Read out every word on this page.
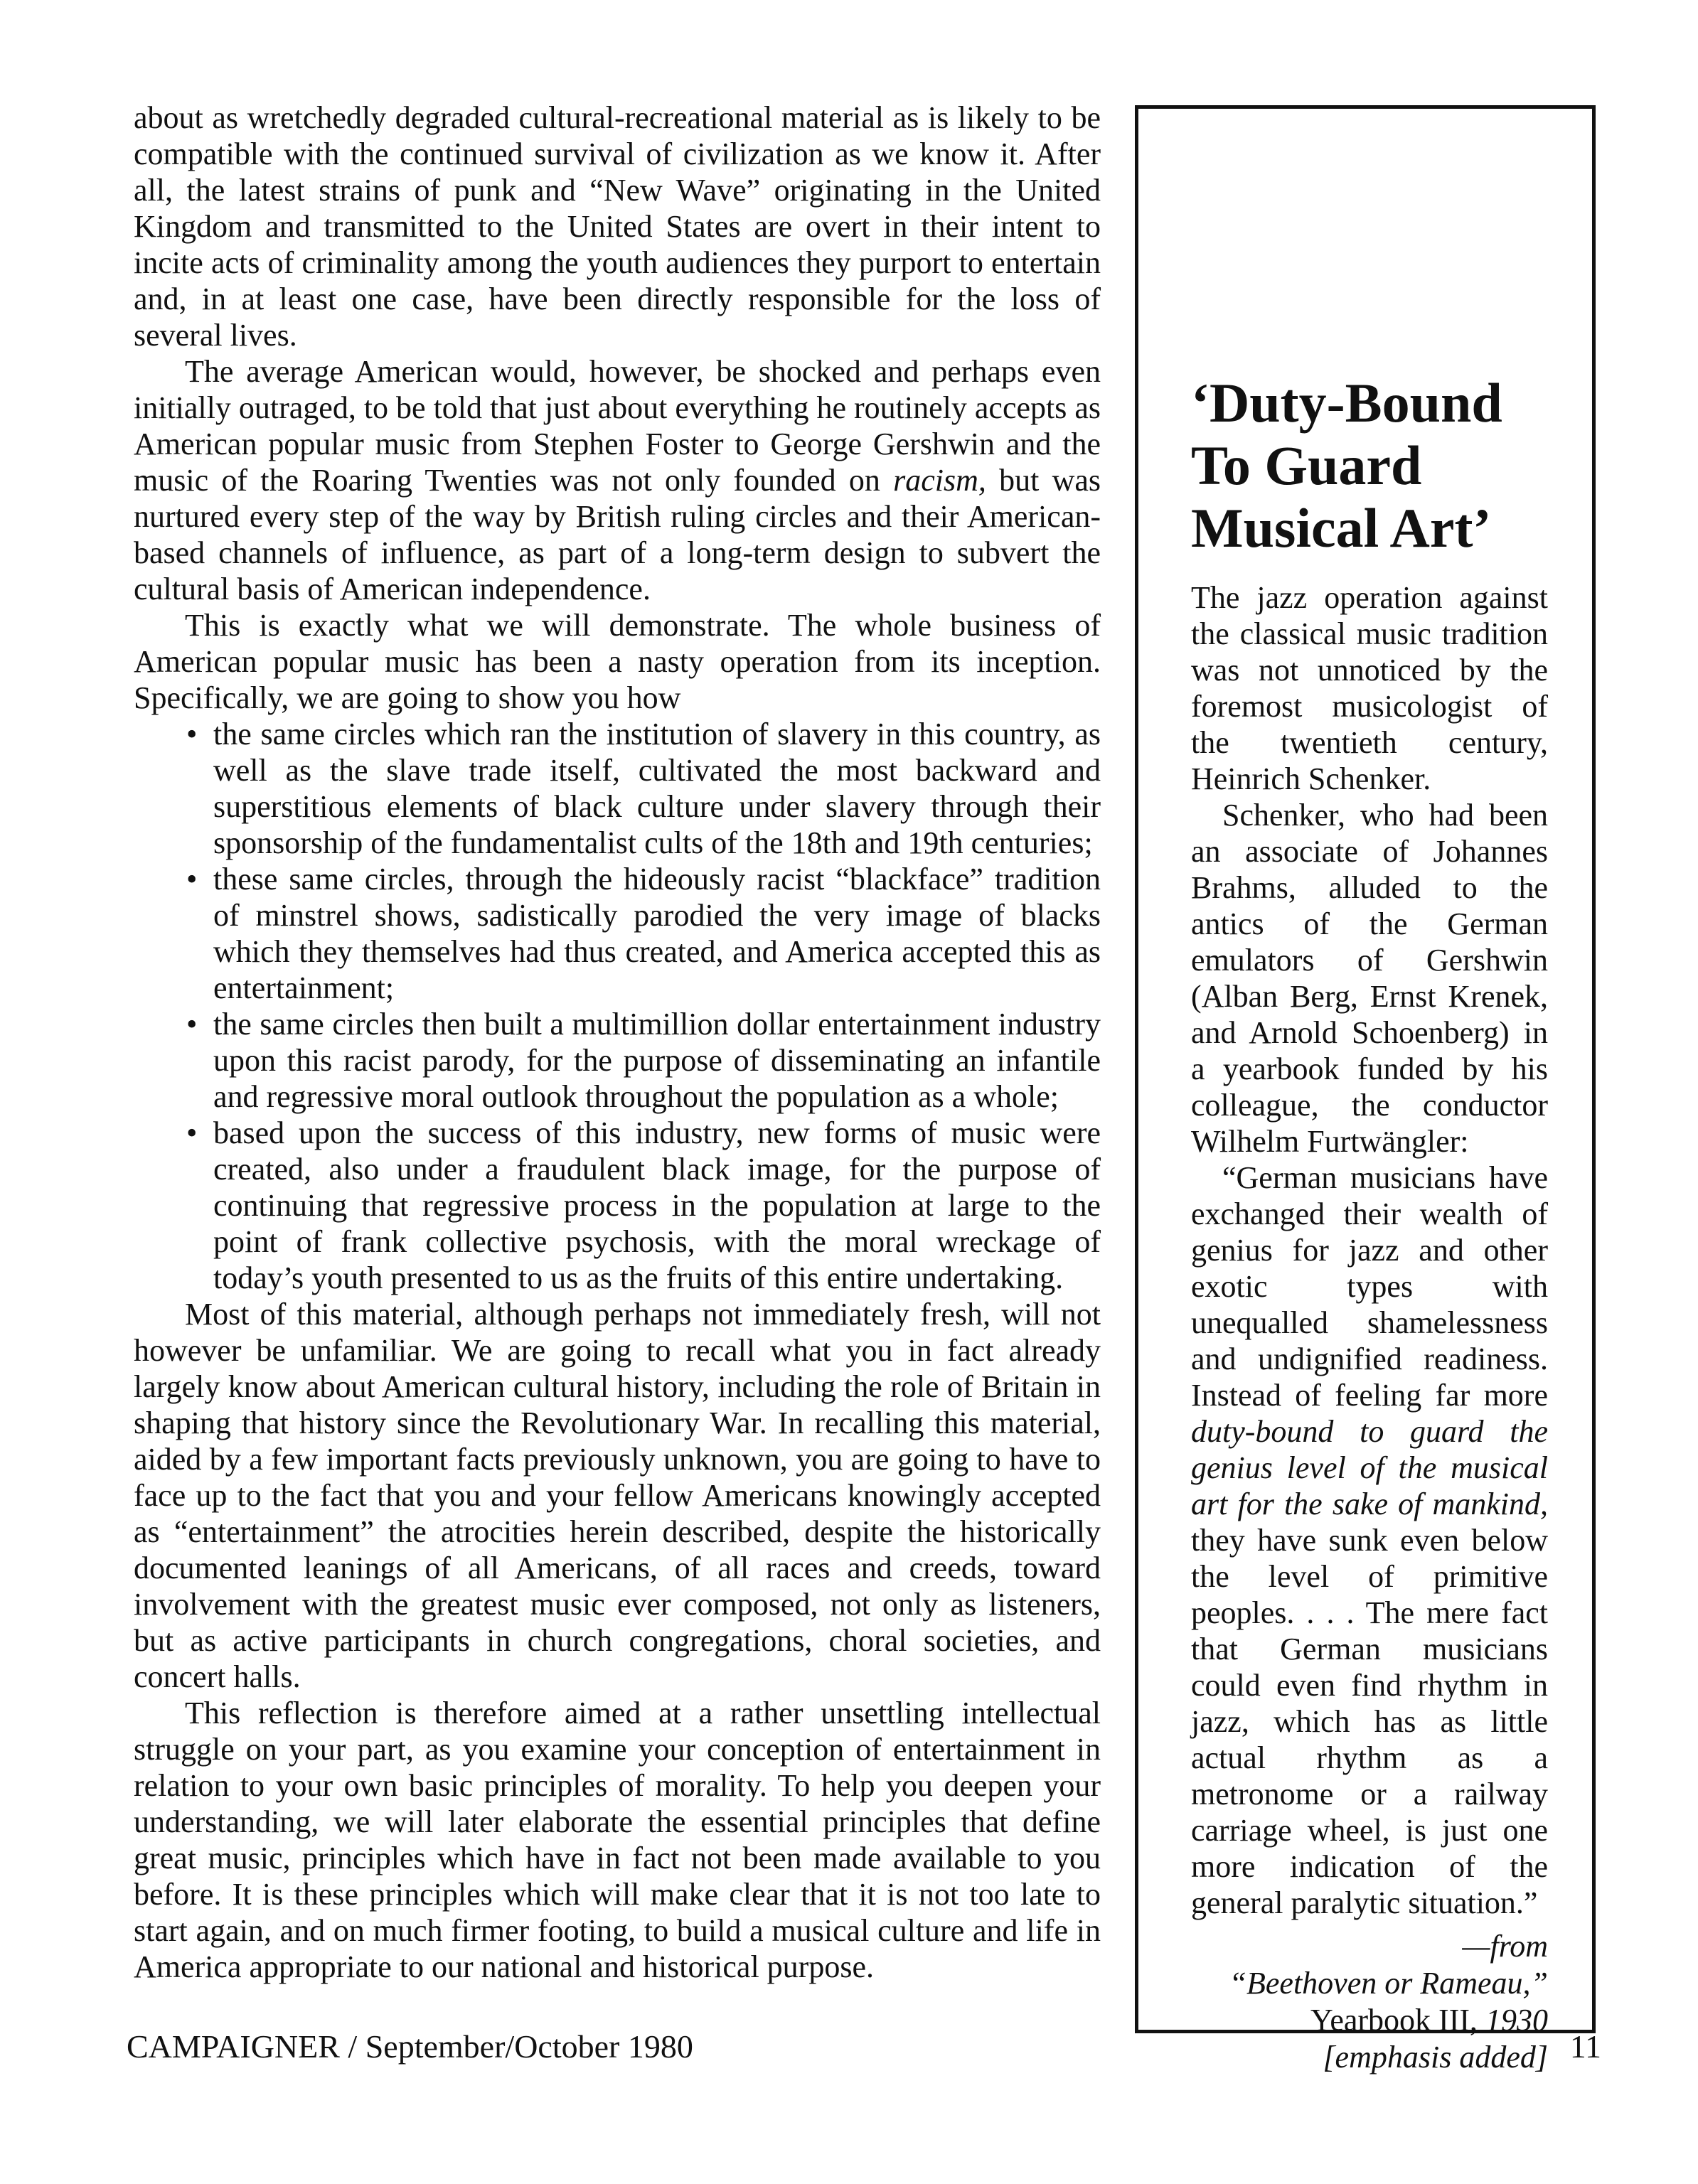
about as wretchedly degraded cultural-recreational material as is likely to be compatible with the continued survival of civilization as we know it. After all, the latest strains of punk and “New Wave” originating in the United Kingdom and transmitted to the United States are overt in their intent to incite acts of criminality among the youth audiences they purport to entertain and, in at least one case, have been directly responsible for the loss of several lives.

The average American would, however, be shocked and perhaps even initially outraged, to be told that just about everything he routinely accepts as American popular music from Stephen Foster to George Gershwin and the music of the Roaring Twenties was not only founded on racism, but was nurtured every step of the way by British ruling circles and their American-based channels of influence, as part of a long-term design to subvert the cultural basis of American independence.

This is exactly what we will demonstrate. The whole business of American popular music has been a nasty operation from its inception. Specifically, we are going to show you how

• the same circles which ran the institution of slavery in this country, as well as the slave trade itself, cultivated the most backward and superstitious elements of black culture under slavery through their sponsorship of the fundamentalist cults of the 18th and 19th centuries;
• these same circles, through the hideously racist “blackface” tradition of minstrel shows, sadistically parodied the very image of blacks which they themselves had thus created, and America accepted this as entertainment;
• the same circles then built a multimillion dollar entertainment industry upon this racist parody, for the purpose of disseminating an infantile and regressive moral outlook throughout the population as a whole;
• based upon the success of this industry, new forms of music were created, also under a fraudulent black image, for the purpose of continuing that regressive process in the population at large to the point of frank collective psychosis, with the moral wreckage of today’s youth presented to us as the fruits of this entire undertaking.

Most of this material, although perhaps not immediately fresh, will not however be unfamiliar. We are going to recall what you in fact already largely know about American cultural history, including the role of Britain in shaping that history since the Revolutionary War. In recalling this material, aided by a few important facts previously unknown, you are going to have to face up to the fact that you and your fellow Americans knowingly accepted as “entertainment” the atrocities herein described, despite the historically documented leanings of all Americans, of all races and creeds, toward involvement with the greatest music ever composed, not only as listeners, but as active participants in church congregations, choral societies, and concert halls.

This reflection is therefore aimed at a rather unsettling intellectual struggle on your part, as you examine your conception of entertainment in relation to your own basic principles of morality. To help you deepen your understanding, we will later elaborate the essential principles that define great music, principles which have in fact not been made available to you before. It is these principles which will make clear that it is not too late to start again, and on much firmer footing, to build a musical culture and life in America appropriate to our national and historical purpose.

‘Duty-Bound To Guard Musical Art’

The jazz operation against the classical music tradition was not unnoticed by the foremost musicologist of the twentieth century, Heinrich Schenker.

Schenker, who had been an associate of Johannes Brahms, alluded to the antics of the German emulators of Gershwin (Alban Berg, Ernst Krenek, and Arnold Schoenberg) in a yearbook funded by his colleague, the conductor Wilhelm Furtwängler:

“German musicians have exchanged their wealth of genius for jazz and other exotic types with unequalled shamelessness and undignified readiness. Instead of feeling far more duty-bound to guard the genius level of the musical art for the sake of mankind, they have sunk even below the level of primitive peoples. . . . The mere fact that German musicians could even find rhythm in jazz, which has as little actual rhythm as a metronome or a railway carriage wheel, is just one more indication of the general paralytic situation.”

—from
“Beethoven or Rameau,”
Yearbook III, 1930
[emphasis added]
CAMPAIGNER / September/October 1980	11
